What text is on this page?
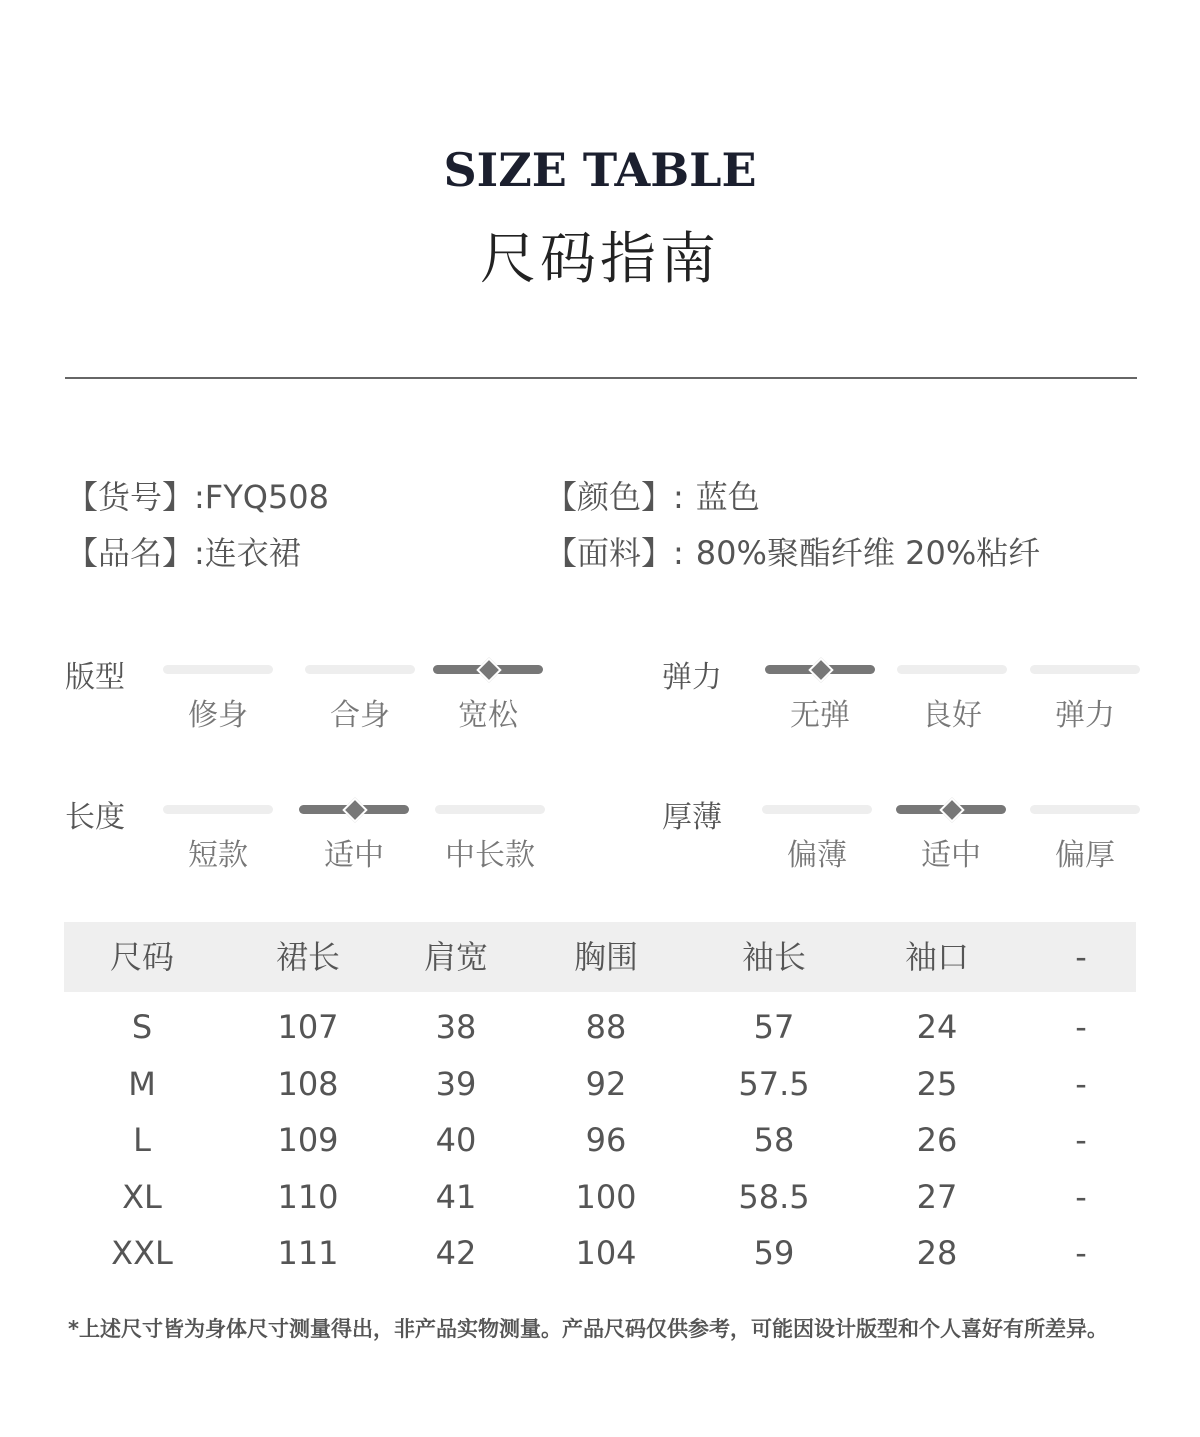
SIZE TABLE
尺码指南
【货号】:FYQ508	【颜色】: 蓝色
【品名】:连衣裙	【面料】: 80%聚酯纤维 20%粘纤
版型
修身	合身	宽松
弹力
无弹	良好	弹力
长度
短款	适中	中长款
厚薄
偏薄	适中	偏厚
尺码	裙长	肩宽	胸围	袖长	袖口	-
S	107	38	88	57	24	-
M	108	39	92	57.5	25	-
L	109	40	96	58	26	-
XL	110	41	100	58.5	27	-
XXL	111	42	104	59	28	-
*上述尺寸皆为身体尺寸测量得出，非产品实物测量。产品尺码仅供参考，可能因设计版型和个人喜好有所差异。
